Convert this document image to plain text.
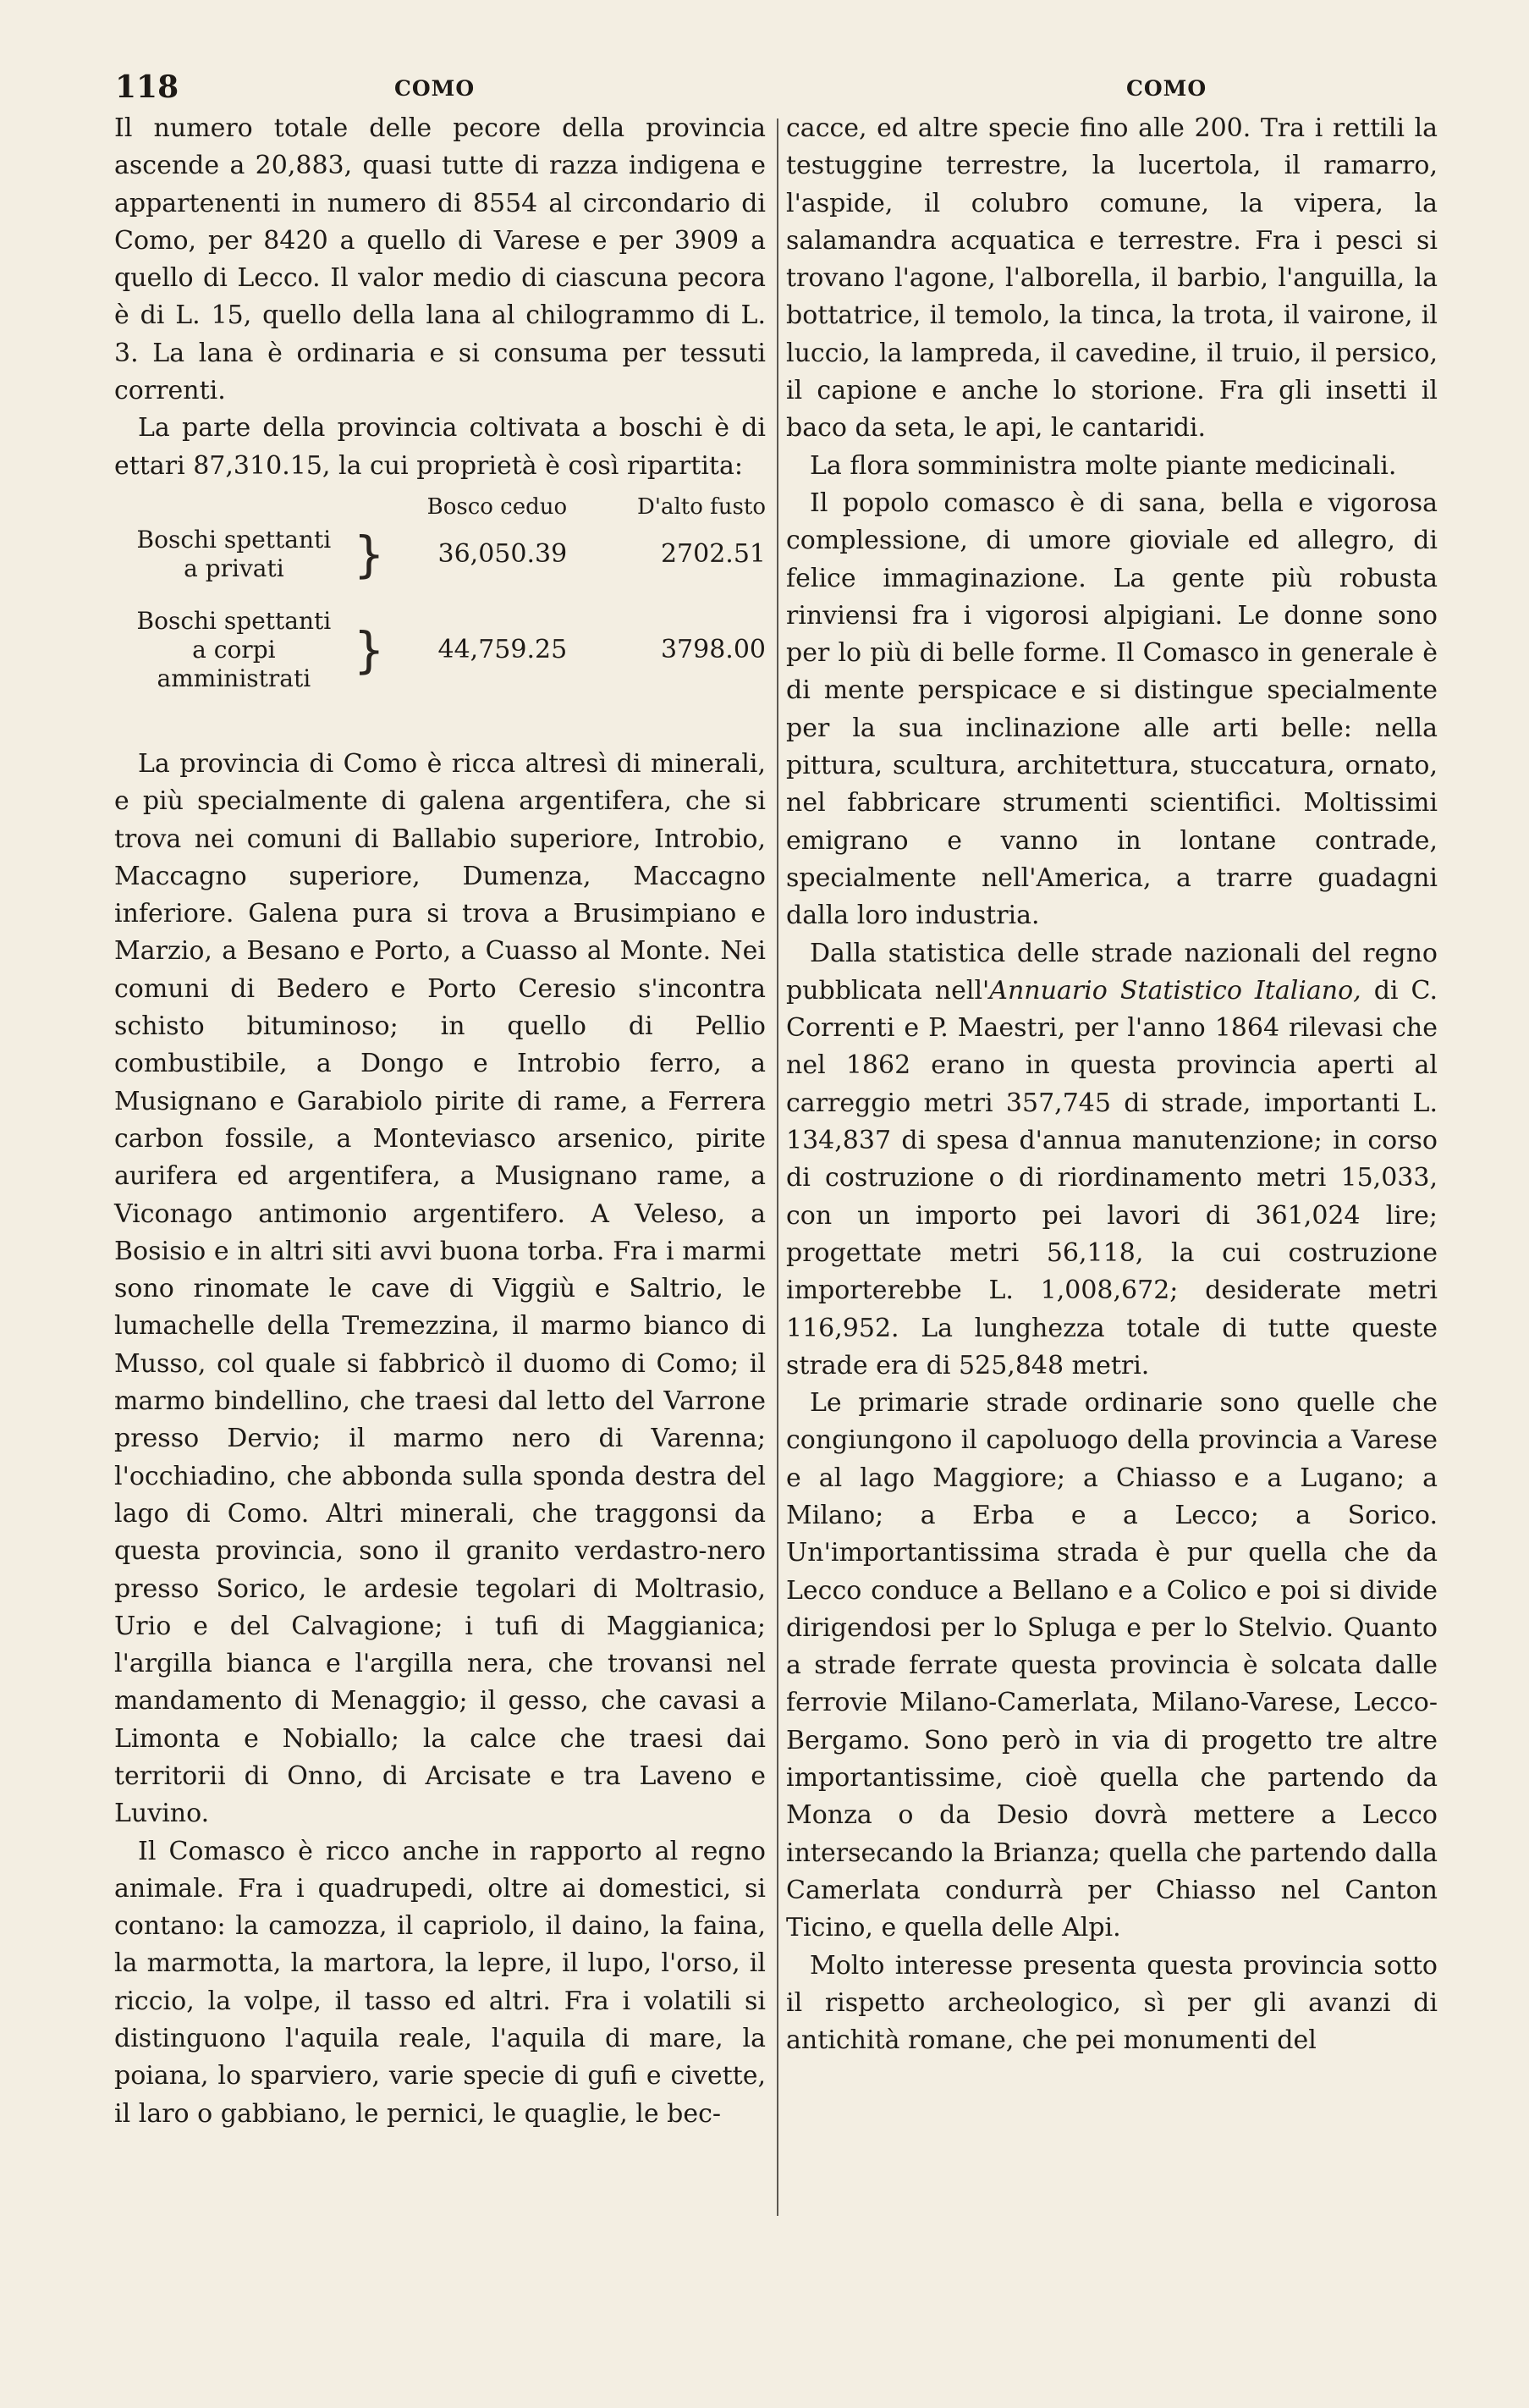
118	COMO	COMO

Il numero totale delle pecore della provincia ascende a 20,883, quasi tutte di razza indigena e appartenenti in numero di 8554 al circondario di Como, per 8420 a quello di Varese e per 3909 a quello di Lecco. Il valor medio di ciascuna pecora è di L. 15, quello della lana al chilogrammo di L. 3. La lana è ordinaria e si consuma per tessuti correnti.

La parte della provincia coltivata a boschi è di ettari 87,310.15, la cui proprietà è così ripartita:

		Bosco ceduo	D'alto fusto
Boschi spettanti
a privati	}	36,050.39	2702.51

Boschi spettanti
a corpi amministrati	}	44,759.25	3798.00

La provincia di Como è ricca altresì di minerali, e più specialmente di galena argentifera, che si trova nei comuni di Ballabio superiore, Introbio, Maccagno superiore, Dumenza, Maccagno inferiore. Galena pura si trova a Brusimpiano e Marzio, a Besano e Porto, a Cuasso al Monte. Nei comuni di Bedero e Porto Ceresio s'incontra schisto bituminoso; in quello di Pellio combustibile, a Dongo e Introbio ferro, a Musignano e Garabiolo pirite di rame, a Ferrera carbon fossile, a Monteviasco arsenico, pirite aurifera ed argentifera, a Musignano rame, a Viconago antimonio argentifero. A Veleso, a Bosisio e in altri siti avvi buona torba. Fra i marmi sono rinomate le cave di Viggiù e Saltrio, le lumachelle della Tremezzina, il marmo bianco di Musso, col quale si fabbricò il duomo di Como; il marmo bindellino, che traesi dal letto del Varrone presso Dervio; il marmo nero di Varenna; l'occhiadino, che abbonda sulla sponda destra del lago di Como. Altri minerali, che traggonsi da questa provincia, sono il granito verdastro-nero presso Sorico, le ardesie tegolari di Moltrasio, Urio e del Calvagione; i tufi di Maggianica; l'argilla bianca e l'argilla nera, che trovansi nel mandamento di Menaggio; il gesso, che cavasi a Limonta e Nobiallo; la calce che traesi dai territorii di Onno, di Arcisate e tra Laveno e Luvino.

Il Comasco è ricco anche in rapporto al regno animale. Fra i quadrupedi, oltre ai domestici, si contano: la camozza, il capriolo, il daino, la faina, la marmotta, la martora, la lepre, il lupo, l'orso, il riccio, la volpe, il tasso ed altri. Fra i volatili si distinguono l'aquila reale, l'aquila di mare, la poiana, lo sparviero, varie specie di gufi e civette, il laro o gabbiano, le pernici, le quaglie, le bec-

cacce, ed altre specie fino alle 200. Tra i rettili la testuggine terrestre, la lucertola, il ramarro, l'aspide, il colubro comune, la vipera, la salamandra acquatica e terrestre. Fra i pesci si trovano l'agone, l'alborella, il barbio, l'anguilla, la bottatrice, il temolo, la tinca, la trota, il vairone, il luccio, la lampreda, il cavedine, il truio, il persico, il capione e anche lo storione. Fra gli insetti il baco da seta, le api, le cantaridi.

La flora somministra molte piante medicinali.

Il popolo comasco è di sana, bella e vigorosa complessione, di umore gioviale ed allegro, di felice immaginazione. La gente più robusta rinviensi fra i vigorosi alpigiani. Le donne sono per lo più di belle forme. Il Comasco in generale è di mente perspicace e si distingue specialmente per la sua inclinazione alle arti belle: nella pittura, scultura, architettura, stuccatura, ornato, nel fabbricare strumenti scientifici. Moltissimi emigrano e vanno in lontane contrade, specialmente nell'America, a trarre guadagni dalla loro industria.

Dalla statistica delle strade nazionali del regno pubblicata nell'Annuario Statistico Italiano, di C. Correnti e P. Maestri, per l'anno 1864 rilevasi che nel 1862 erano in questa provincia aperti al carreggio metri 357,745 di strade, importanti L. 134,837 di spesa d'annua manutenzione; in corso di costruzione o di riordinamento metri 15,033, con un importo pei lavori di 361,024 lire; progettate metri 56,118, la cui costruzione importerebbe L. 1,008,672; desiderate metri 116,952. La lunghezza totale di tutte queste strade era di 525,848 metri.

Le primarie strade ordinarie sono quelle che congiungono il capoluogo della provincia a Varese e al lago Maggiore; a Chiasso e a Lugano; a Milano; a Erba e a Lecco; a Sorico. Un'importantissima strada è pur quella che da Lecco conduce a Bellano e a Colico e poi si divide dirigendosi per lo Spluga e per lo Stelvio. Quanto a strade ferrate questa provincia è solcata dalle ferrovie Milano-Camerlata, Milano-Varese, Lecco-Bergamo. Sono però in via di progetto tre altre importantissime, cioè quella che partendo da Monza o da Desio dovrà mettere a Lecco intersecando la Brianza; quella che partendo dalla Camerlata condurrà per Chiasso nel Canton Ticino, e quella delle Alpi.

Molto interesse presenta questa provincia sotto il rispetto archeologico, sì per gli avanzi di antichità romane, che pei monumenti del
